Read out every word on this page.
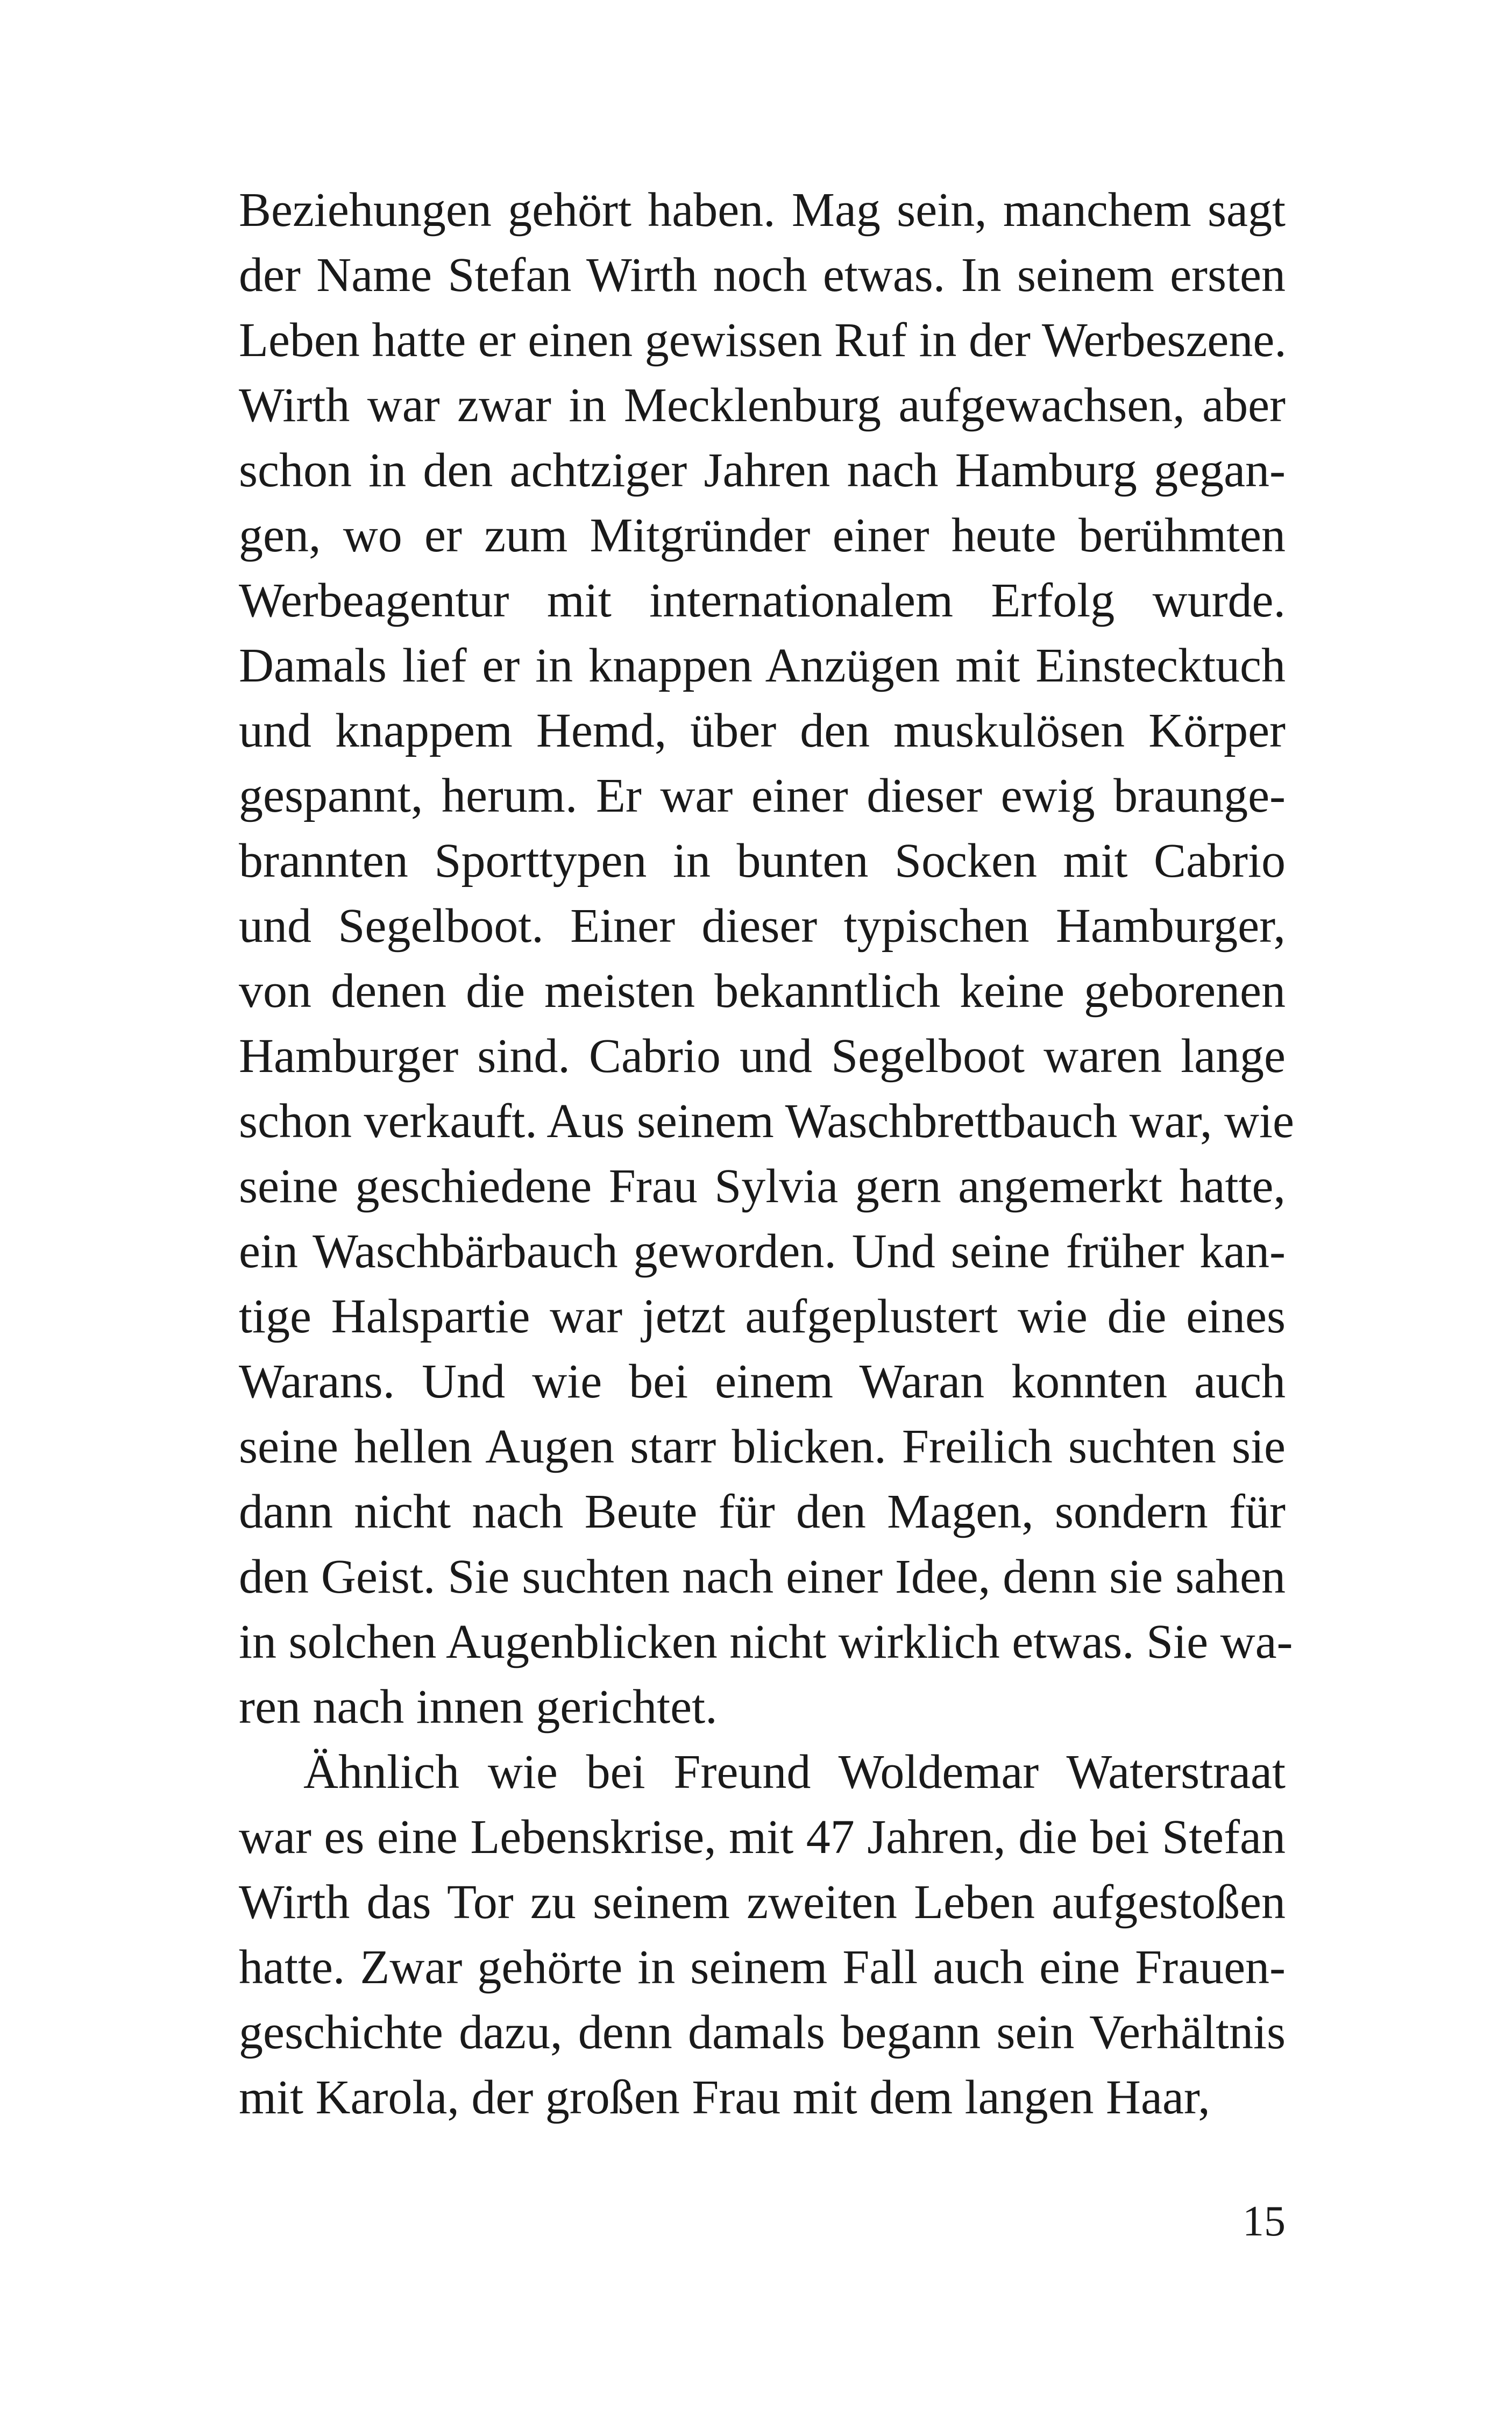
Beziehungen gehört haben. Mag sein, manchem sagt
der Name Stefan Wirth noch etwas. In seinem ersten
Leben hatte er einen gewissen Ruf in der Werbeszene.
Wirth war zwar in Mecklenburg aufgewachsen, aber
schon in den achtziger Jahren nach Hamburg gegan-
gen, wo er zum Mitgründer einer heute berühmten
Werbeagentur mit internationalem Erfolg wurde.
Damals lief er in knappen Anzügen mit Einstecktuch
und knappem Hemd, über den muskulösen Körper
gespannt, herum. Er war einer dieser ewig braunge-
brannten Sporttypen in bunten Socken mit Cabrio
und Segelboot. Einer dieser typischen Hamburger,
von denen die meisten bekanntlich keine geborenen
Hamburger sind. Cabrio und Segelboot waren lange
schon verkauft. Aus seinem Waschbrettbauch war, wie
seine geschiedene Frau Sylvia gern angemerkt hatte,
ein Waschbärbauch geworden. Und seine früher kan-
tige Halspartie war jetzt aufgeplustert wie die eines
Warans. Und wie bei einem Waran konnten auch
seine hellen Augen starr blicken. Freilich suchten sie
dann nicht nach Beute für den Magen, sondern für
den Geist. Sie suchten nach einer Idee, denn sie sahen
in solchen Augenblicken nicht wirklich etwas. Sie wa-
ren nach innen gerichtet.
Ähnlich wie bei Freund Woldemar Waterstraat
war es eine Lebenskrise, mit 47 Jahren, die bei Stefan
Wirth das Tor zu seinem zweiten Leben aufgestoßen
hatte. Zwar gehörte in seinem Fall auch eine Frauen-
geschichte dazu, denn damals begann sein Verhältnis
mit Karola, der großen Frau mit dem langen Haar,
15
